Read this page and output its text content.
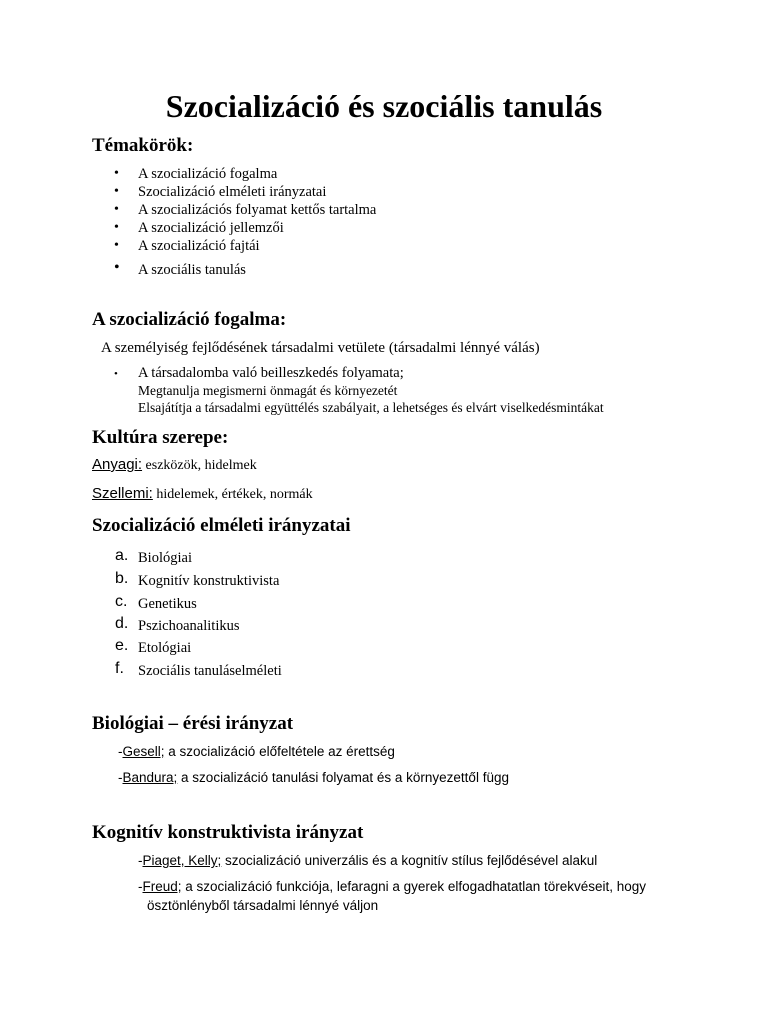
Szocializáció és szociális tanulás
Témakörök:
• A szocializáció fogalma
• Szocializáció elméleti irányzatai
• A szocializációs folyamat kettős tartalma
• A szocializáció jellemzői
• A szocializáció fajtái
• A szociális tanulás
A szocializáció fogalma:
A személyiség fejlődésének társadalmi vetülete (társadalmi lénnyé válás)
• A társadalomba való beilleszkedés folyamata;
Megtanulja megismerni önmagát és környezetét
Elsajátítja a társadalmi együttélés szabályait, a lehetséges és elvárt viselkedésmintákat
Kultúra szerepe:
Anyagi: eszközök, hidelmek
Szellemi: hidelemek, értékek, normák
Szocializáció elméleti irányzatai
a. Biológiai
b. Kognitív konstruktivista
c. Genetikus
d. Pszichoanalitikus
e. Etológiai
f. Szociális tanuláselméleti
Biológiai – érési irányzat
-Gesell; a szocializáció előfeltétele az érettség
-Bandura; a szocializáció tanulási folyamat és a környezettől függ
Kognitív konstruktivista irányzat
-Piaget, Kelly; szocializáció univerzális és a kognitív stílus fejlődésével alakul
-Freud; a szocializáció funkciója, lefaragni a gyerek elfogadhatatlan törekvéseit, hogy
ösztönlényből társadalmi lénnyé váljon
